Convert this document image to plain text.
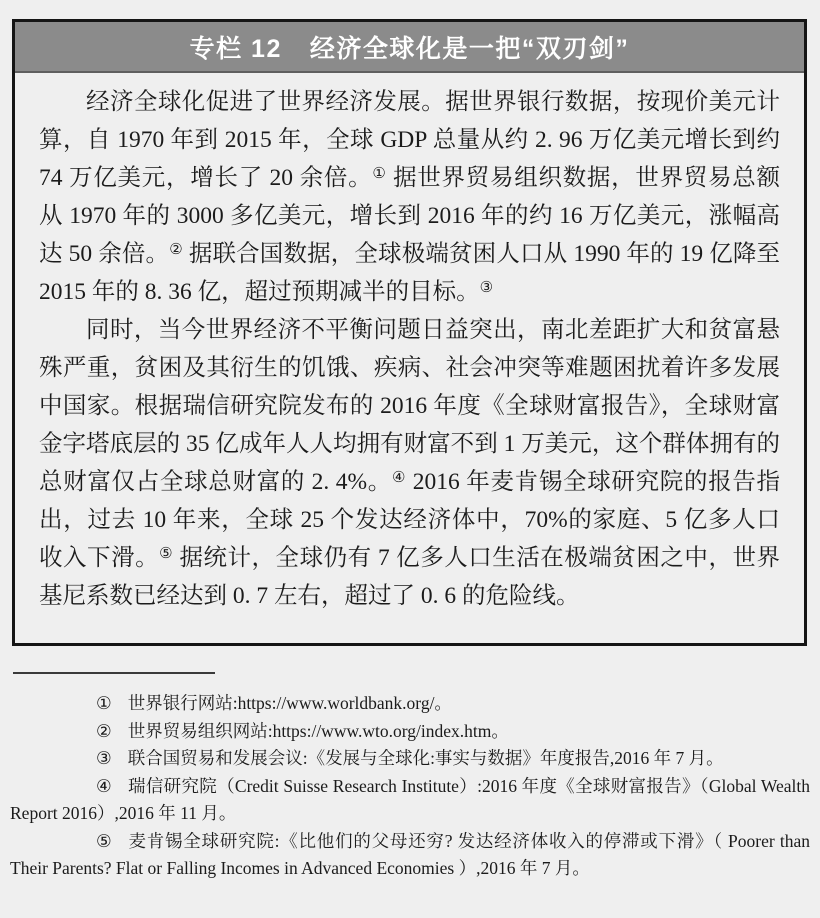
专栏 12 经济全球化是一把“双刃剑”

经济全球化促进了世界经济发展。据世界银行数据，按现价美元计算，自 1970 年到 2015 年，全球 GDP 总量从约 2. 96 万亿美元增长到约 74 万亿美元，增长了 20 余倍。① 据世界贸易组织数据，世界贸易总额从 1970 年的 3000 多亿美元，增长到 2016 年的约 16 万亿美元，涨幅高达 50 余倍。② 据联合国数据，全球极端贫困人口从 1990 年的 19 亿降至 2015 年的 8. 36 亿，超过预期减半的目标。③

同时，当今世界经济不平衡问题日益突出，南北差距扩大和贫富悬殊严重，贫困及其衍生的饥饿、疾病、社会冲突等难题困扰着许多发展中国家。根据瑞信研究院发布的 2016 年度《全球财富报告》，全球财富金字塔底层的 35 亿成年人人均拥有财富不到 1 万美元，这个群体拥有的总财富仅占全球总财富的 2. 4%。④ 2016 年麦肯锡全球研究院的报告指出，过去 10 年来，全球 25 个发达经济体中，70%的家庭、5 亿多人口收入下滑。⑤ 据统计，全球仍有 7 亿多人口生活在极端贫困之中，世界基尼系数已经达到 0. 7 左右，超过了 0. 6 的危险线。

① 世界银行网站:https://www.worldbank.org/。

② 世界贸易组织网站:https://www.wto.org/index.htm。

③ 联合国贸易和发展会议:《发展与全球化:事实与数据》年度报告,2016 年 7 月。

④ 瑞信研究院（Credit Suisse Research Institute）:2016 年度《全球财富报告》（Global Wealth Report 2016）,2016 年 11 月。

⑤ 麦肯锡全球研究院:《比他们的父母还穷? 发达经济体收入的停滞或下滑》（ Poorer than Their Parents? Flat or Falling Incomes in Advanced Economies ）,2016 年 7 月。
